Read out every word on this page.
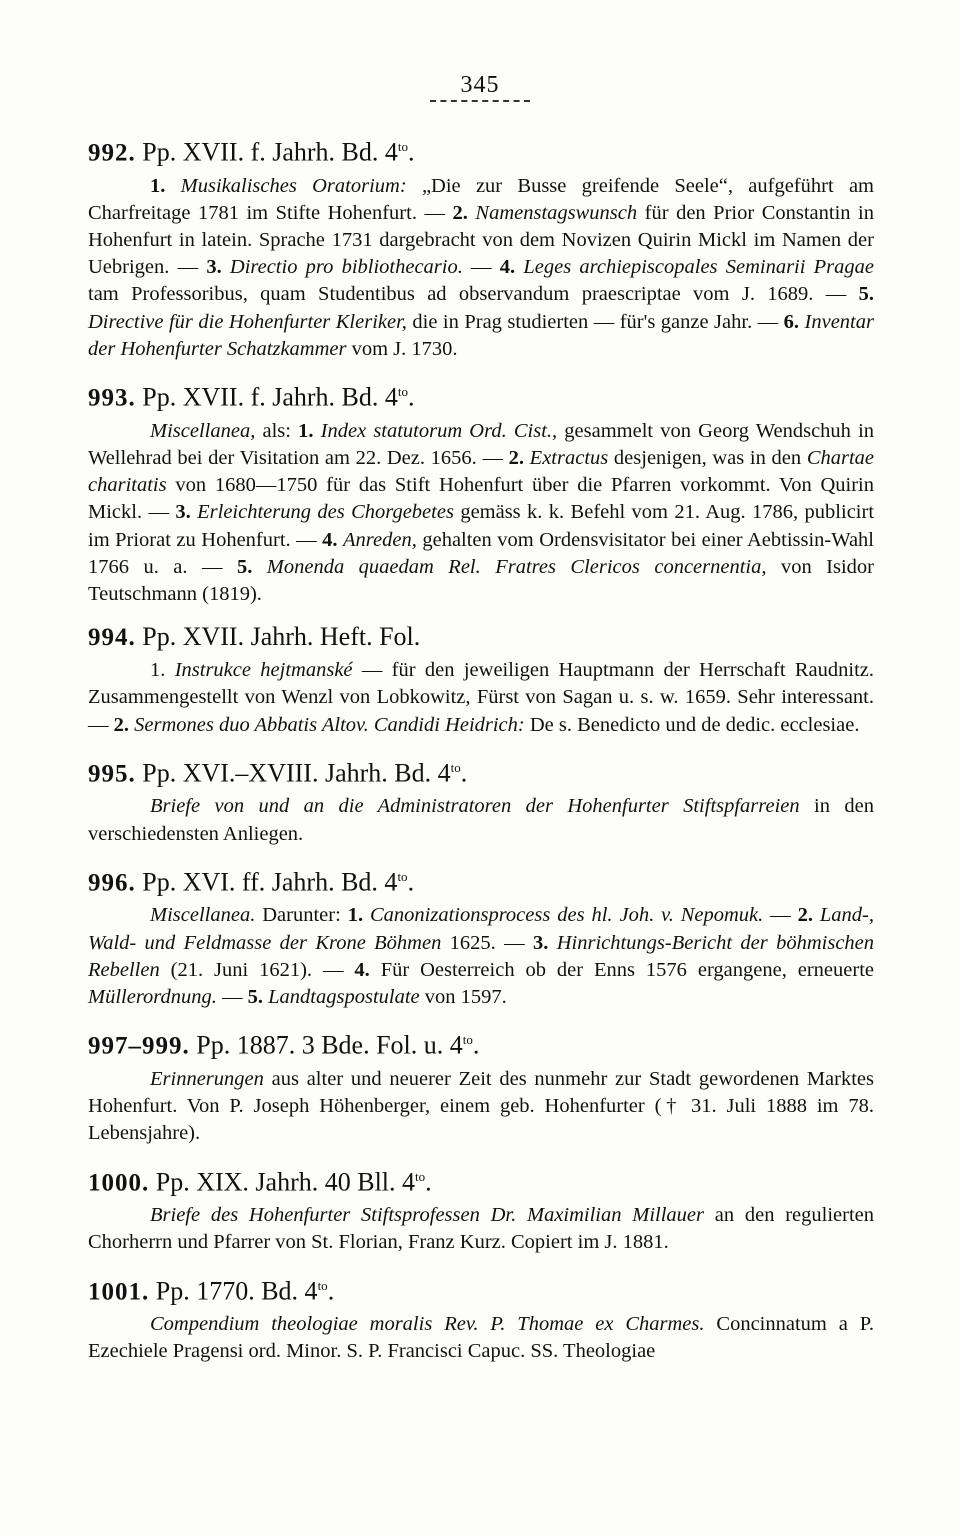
345
992. Pp. XVII. f. Jahrh. Bd. $4^{to}$.
1. Musikalisches Oratorium: „Die zur Busse greifende Seele“, aufgeführt am Charfreitage 1781 im Stifte Hohenfurt. — 2. Namenstagswunsch für den Prior Constantin in Hohenfurt in latein. Sprache 1731 dargebracht von dem Novizen Quirin Mickl im Namen der Uebrigen. — 3. Directio pro bibliothecario. — 4. Leges archiepiscopales Seminarii Pragae tam Professoribus, quam Studentibus ad observandum praescriptae vom J. 1689. — 5. Directive für die Hohenfurter Kleriker, die in Prag studierten — für's ganze Jahr. — 6. Inventar der Hohenfurter Schatzkammer vom J. 1730.
993. Pp. XVII. f. Jahrh. Bd. $4^{to}$.
Miscellanea, als: 1. Index statutorum Ord. Cist., gesammelt von Georg Wendschuh in Wellehrad bei der Visitation am 22. Dez. 1656. — 2. Extractus desjenigen, was in den Chartae charitatis von 1680—1750 für das Stift Hohenfurt über die Pfarren vorkommt. Von Quirin Mickl. — 3. Erleichterung des Chorgebetes gemäss k. k. Befehl vom 21. Aug. 1786, publicirt im Priorat zu Hohenfurt. — 4. Anreden, gehalten vom Ordensvisitator bei einer Aebtissin-Wahl 1766 u. a. — 5. Monenda quaedam Rel. Fratres Clericos concernentia, von Isidor Teutschmann (1819).
994. Pp. XVII. Jahrh. Heft. Fol.
1. Instrukce hejtmanské — für den jeweiligen Hauptmann der Herrschaft Raudnitz. Zusammengestellt von Wenzl von Lobkowitz, Fürst von Sagan u. s. w. 1659. Sehr interessant. — 2. Sermones duo Abbatis Altov. Candidi Heidrich: De s. Benedicto und de dedic. ecclesiae.
995. Pp. XVI.–XVIII. Jahrh. Bd. $4^{to}$.
Briefe von und an die Administratoren der Hohenfurter Stiftspfarreien in den verschiedensten Anliegen.
996. Pp. XVI. ff. Jahrh. Bd. $4^{to}$.
Miscellanea. Darunter: 1. Canonizationsprocess des hl. Joh. v. Nepomuk. — 2. Land-, Wald- und Feldmasse der Krone Böhmen 1625. — 3. Hinrichtungs-Bericht der böhmischen Rebellen (21. Juni 1621). — 4. Für Oesterreich ob der Enns 1576 ergangene, erneuerte Müllerordnung. — 5. Landtagspostulate von 1597.
997–999. Pp. 1887. 3 Bde. Fol. u. $4^{to}$.
Erinnerungen aus alter und neuerer Zeit des nunmehr zur Stadt gewordenen Marktes Hohenfurt. Von P. Joseph Höhenberger, einem geb. Hohenfurter († 31. Juli 1888 im 78. Lebensjahre).
1000. Pp. XIX. Jahrh. 40 Bll. $4^{to}$.
Briefe des Hohenfurter Stiftsprofessen Dr. Maximilian Millauer an den regulierten Chorherrn und Pfarrer von St. Florian, Franz Kurz. Copiert im J. 1881.
1001. Pp. 1770. Bd. $4^{to}$.
Compendium theologiae moralis Rev. P. Thomae ex Charmes. Concinnatum a P. Ezechiele Pragensi ord. Minor. S. P. Francisci Capuc. SS. Theologiae
